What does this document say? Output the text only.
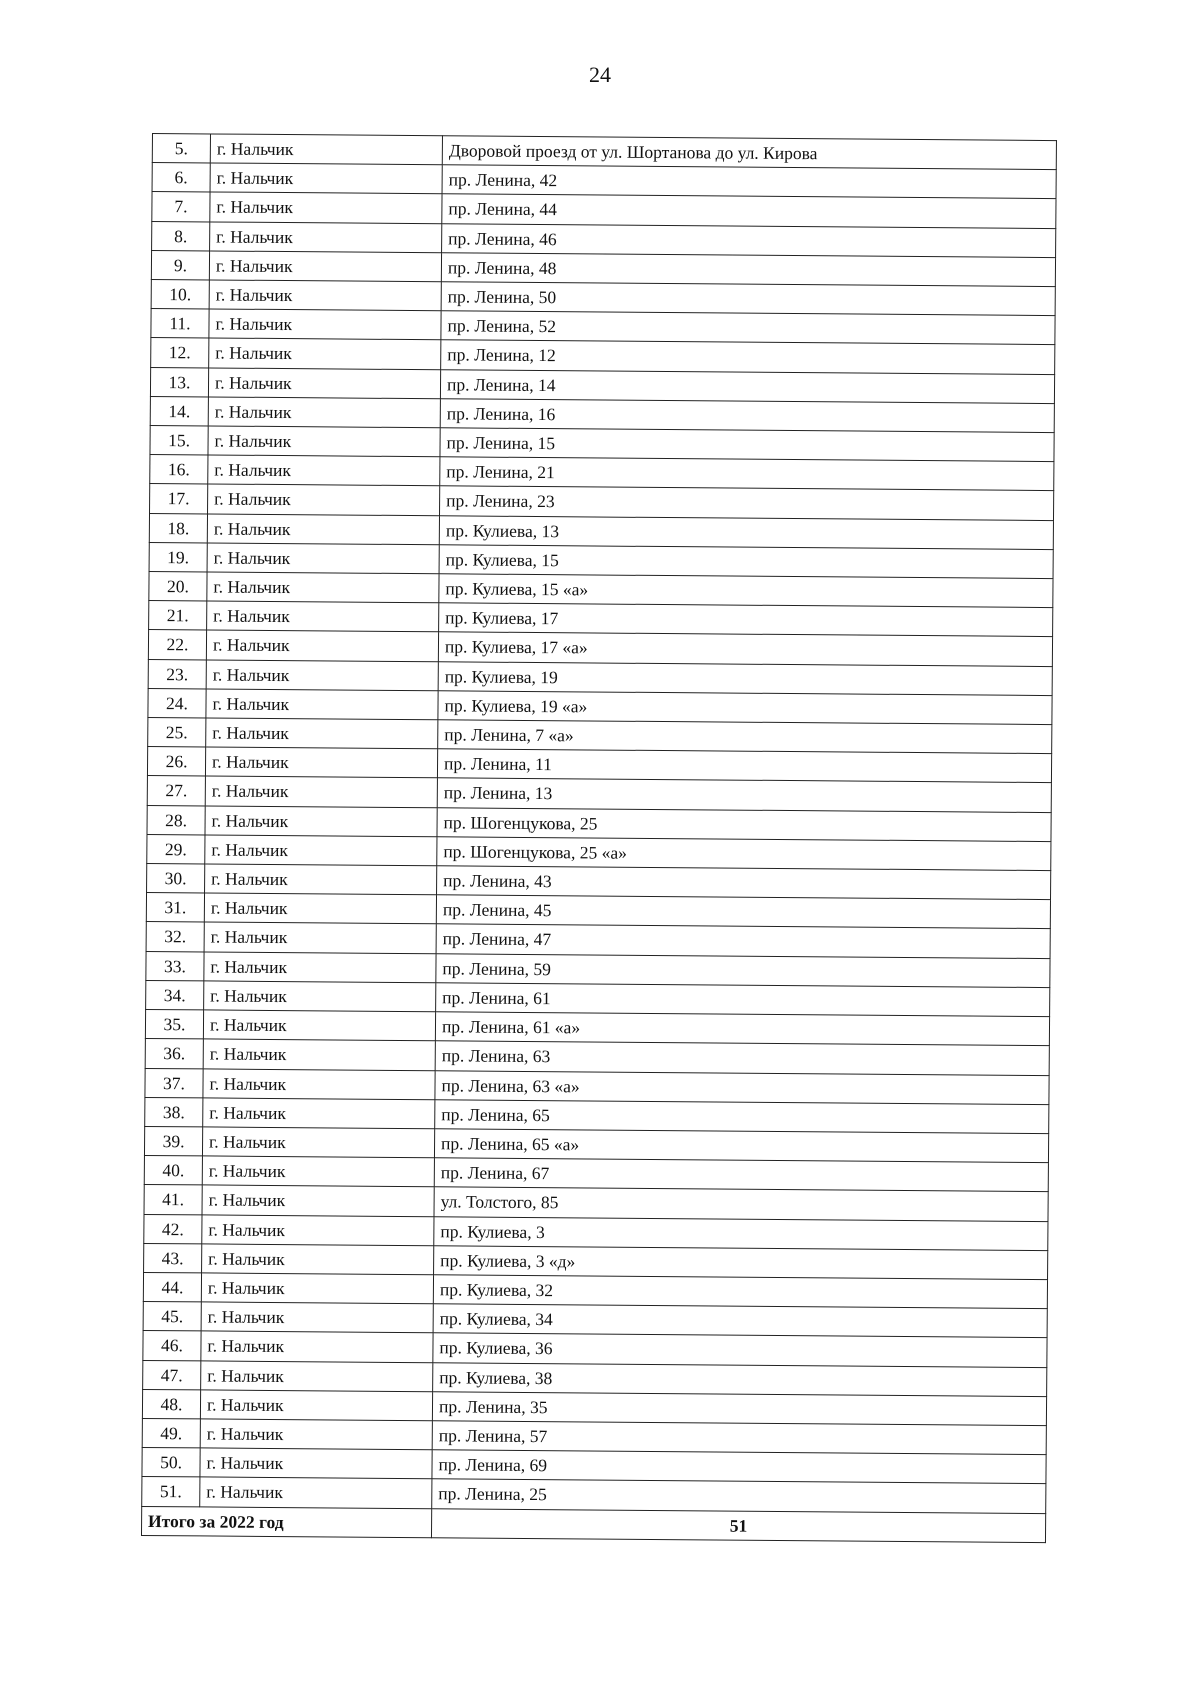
24
5.	г. Нальчик	Дворовой проезд от ул. Шортанова до ул. Кирова
6.	г. Нальчик	пр. Ленина, 42
7.	г. Нальчик	пр. Ленина, 44
8.	г. Нальчик	пр. Ленина, 46
9.	г. Нальчик	пр. Ленина, 48
10.	г. Нальчик	пр. Ленина, 50
11.	г. Нальчик	пр. Ленина, 52
12.	г. Нальчик	пр. Ленина, 12
13.	г. Нальчик	пр. Ленина, 14
14.	г. Нальчик	пр. Ленина, 16
15.	г. Нальчик	пр. Ленина, 15
16.	г. Нальчик	пр. Ленина, 21
17.	г. Нальчик	пр. Ленина, 23
18.	г. Нальчик	пр. Кулиева, 13
19.	г. Нальчик	пр. Кулиева, 15
20.	г. Нальчик	пр. Кулиева, 15 «а»
21.	г. Нальчик	пр. Кулиева, 17
22.	г. Нальчик	пр. Кулиева, 17 «а»
23.	г. Нальчик	пр. Кулиева, 19
24.	г. Нальчик	пр. Кулиева, 19 «а»
25.	г. Нальчик	пр. Ленина, 7 «а»
26.	г. Нальчик	пр. Ленина, 11
27.	г. Нальчик	пр. Ленина, 13
28.	г. Нальчик	пр. Шогенцукова, 25
29.	г. Нальчик	пр. Шогенцукова, 25 «а»
30.	г. Нальчик	пр. Ленина, 43
31.	г. Нальчик	пр. Ленина, 45
32.	г. Нальчик	пр. Ленина, 47
33.	г. Нальчик	пр. Ленина, 59
34.	г. Нальчик	пр. Ленина, 61
35.	г. Нальчик	пр. Ленина, 61 «а»
36.	г. Нальчик	пр. Ленина, 63
37.	г. Нальчик	пр. Ленина, 63 «а»
38.	г. Нальчик	пр. Ленина, 65
39.	г. Нальчик	пр. Ленина, 65 «а»
40.	г. Нальчик	пр. Ленина, 67
41.	г. Нальчик	ул. Толстого, 85
42.	г. Нальчик	пр. Кулиева, 3
43.	г. Нальчик	пр. Кулиева, 3 «д»
44.	г. Нальчик	пр. Кулиева, 32
45.	г. Нальчик	пр. Кулиева, 34
46.	г. Нальчик	пр. Кулиева, 36
47.	г. Нальчик	пр. Кулиева, 38
48.	г. Нальчик	пр. Ленина, 35
49.	г. Нальчик	пр. Ленина, 57
50.	г. Нальчик	пр. Ленина, 69
51.	г. Нальчик	пр. Ленина, 25
Итого за 2022 год		51
